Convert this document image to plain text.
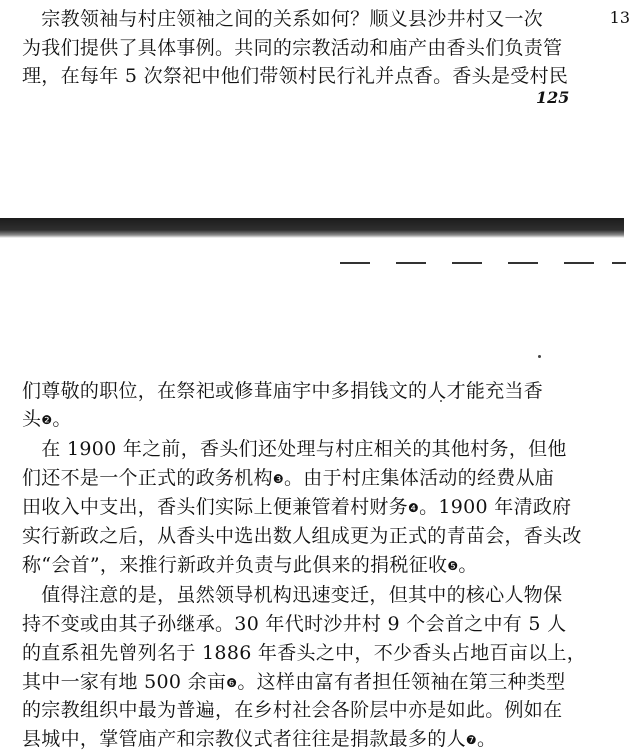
　宗教领袖与村庄领袖之间的关系如何？顺义县沙井村又一次
为我们提供了具体事例。共同的宗教活动和庙产由香头们负责管
理，在每年 5 次祭祀中他们带领村民行礼并点香。香头是受村民
13
125
们尊敬的职位，在祭祀或修葺庙宇中多捐钱文的人才能充当香
头❷。
　在 1900 年之前，香头们还处理与村庄相关的其他村务，但他
们还不是一个正式的政务机构❸。由于村庄集体活动的经费从庙
田收入中支出，香头们实际上便兼管着村财务❹。1900 年清政府
实行新政之后，从香头中选出数人组成更为正式的青苗会，香头改
称“会首”，来推行新政并负责与此俱来的捐税征收❺。
　值得注意的是，虽然领导机构迅速变迁，但其中的核心人物保
持不变或由其子孙继承。30 年代时沙井村 9 个会首之中有 5 人
的直系祖先曾列名于 1886 年香头之中，不少香头占地百亩以上，
其中一家有地 500 余亩❻。这样由富有者担任领袖在第三种类型
的宗教组织中最为普遍，在乡村社会各阶层中亦是如此。例如在
县城中，掌管庙产和宗教仪式者往往是捐款最多的人❼。
